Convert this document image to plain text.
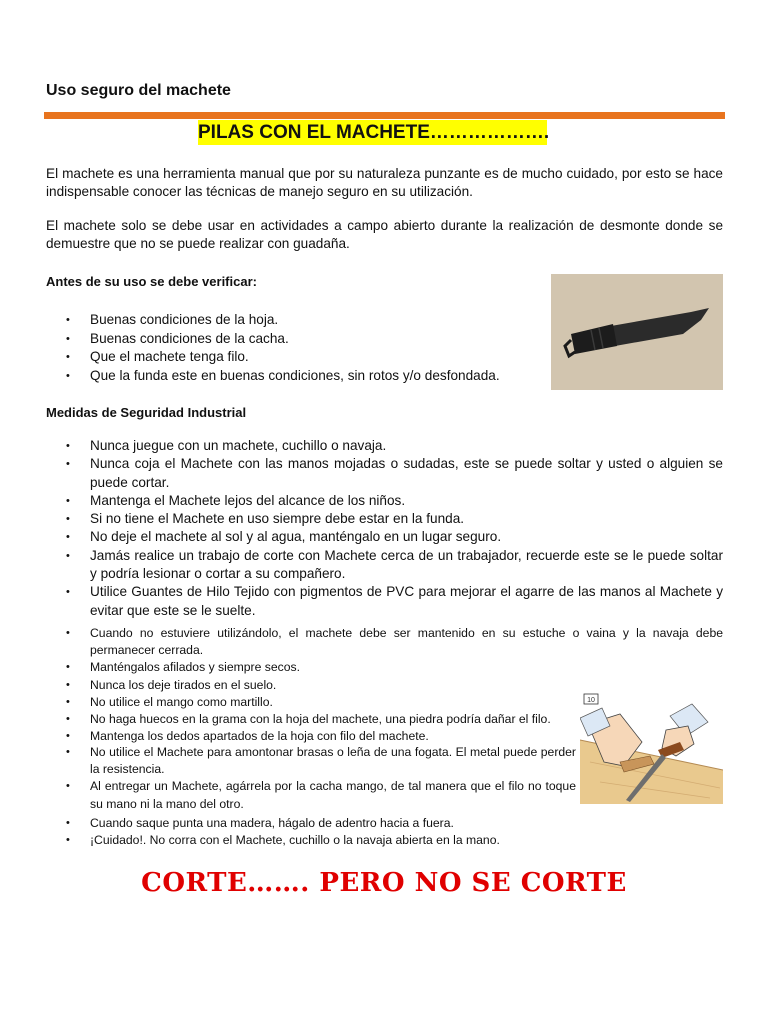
Uso seguro del machete
PILAS CON EL MACHETE……………….

El machete es una herramienta manual que por su naturaleza punzante es de mucho cuidado, por esto se hace indispensable conocer las técnicas de manejo seguro en su utilización.

El machete solo se debe usar en actividades a campo abierto durante la realización de desmonte donde se demuestre que no se puede realizar con guadaña.

Antes de su uso se debe verificar:
• Buenas condiciones de la hoja.
• Buenas condiciones de la cacha.
• Que el machete tenga filo.
• Que la funda este en buenas condiciones, sin rotos y/o desfondada.
Medidas de Seguridad Industrial
• Nunca juegue con un machete, cuchillo o navaja.
• Nunca coja el Machete con las manos mojadas o sudadas, este se puede soltar y usted o alguien se puede cortar.
• Mantenga el Machete lejos del alcance de los niños.
• Si no tiene el Machete en uso siempre debe estar en la funda.
• No deje el machete al sol y al agua, manténgalo en un lugar seguro.
• Jamás realice un trabajo de corte con Machete cerca de un trabajador, recuerde este se le puede soltar y podría lesionar o cortar a su compañero.
• Utilice Guantes de Hilo Tejido con pigmentos de PVC para mejorar el agarre de las manos al Machete y evitar que este se le suelte.
• Cuando no estuviere utilizándolo, el machete debe ser mantenido en su estuche o vaina y la navaja debe permanecer cerrada.
• Manténgalos afilados y siempre secos.
• Nunca los deje tirados en el suelo.
• No utilice el mango como martillo.
• No haga huecos en la grama con la hoja del machete, una piedra podría dañar el filo.
• Mantenga los dedos apartados de la hoja con filo del machete.
• No utilice el Machete para amontonar brasas o leña de una fogata. El metal puede perder la resistencia.
• Al entregar un Machete, agárrela por la cacha mango, de tal manera que el filo no toque su mano ni la mano del otro.
• Cuando saque punta una madera, hágalo de adentro hacia a fuera.
• ¡Cuidado!. No corra con el Machete, cuchillo o la navaja abierta en la mano.
10

CORTE……. PERO NO SE CORTE
